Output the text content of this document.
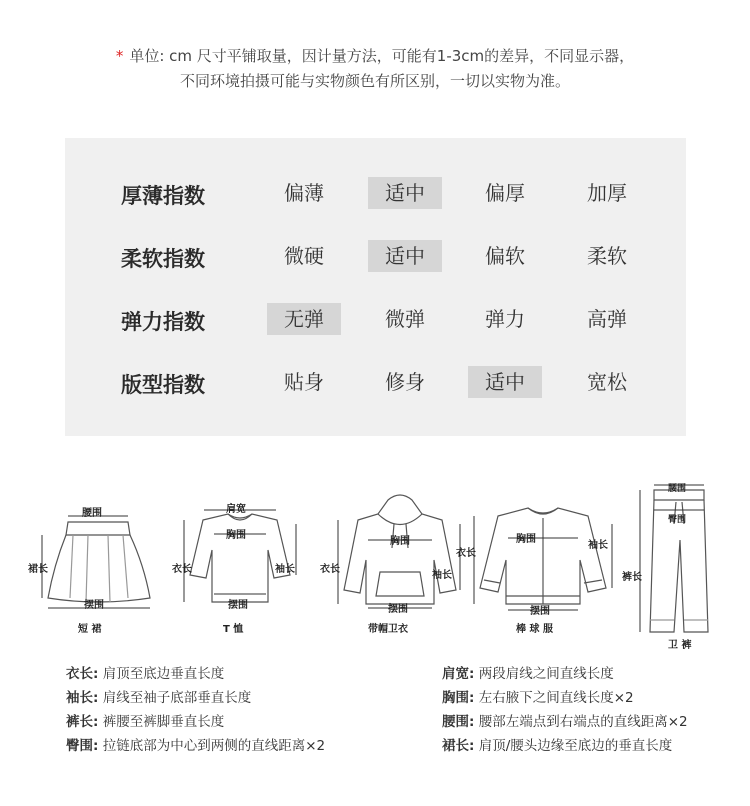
* 单位: cm 尺寸平铺取量，因计量方法，可能有1-3cm的差异，不同显示器，
不同环境拍摄可能与实物颜色有所区别，一切以实物为准。
厚薄指数	偏薄	适中	偏厚	加厚
柔软指数	微硬	适中	偏软	柔软
弹力指数	无弹	微弹	弹力	高弹
版型指数	贴身	修身	适中	宽松
腰围
裙长
摆围
短 裙
肩宽
胸围
衣长	袖长
摆围
T 恤
胸围
衣长
袖长
摆围
带帽卫衣
胸围
衣长
袖长
摆围
棒 球 服
腰围
裤长
臀围
卫 裤
衣长: 肩顶至底边垂直长度
袖长: 肩线至袖子底部垂直长度
裤长: 裤腰至裤脚垂直长度
臀围: 拉链底部为中心到两侧的直线距离×2
肩宽: 两段肩线之间直线长度
胸围: 左右腋下之间直线长度×2
腰围: 腰部左端点到右端点的直线距离×2
裙长: 肩顶/腰头边缘至底边的垂直长度
